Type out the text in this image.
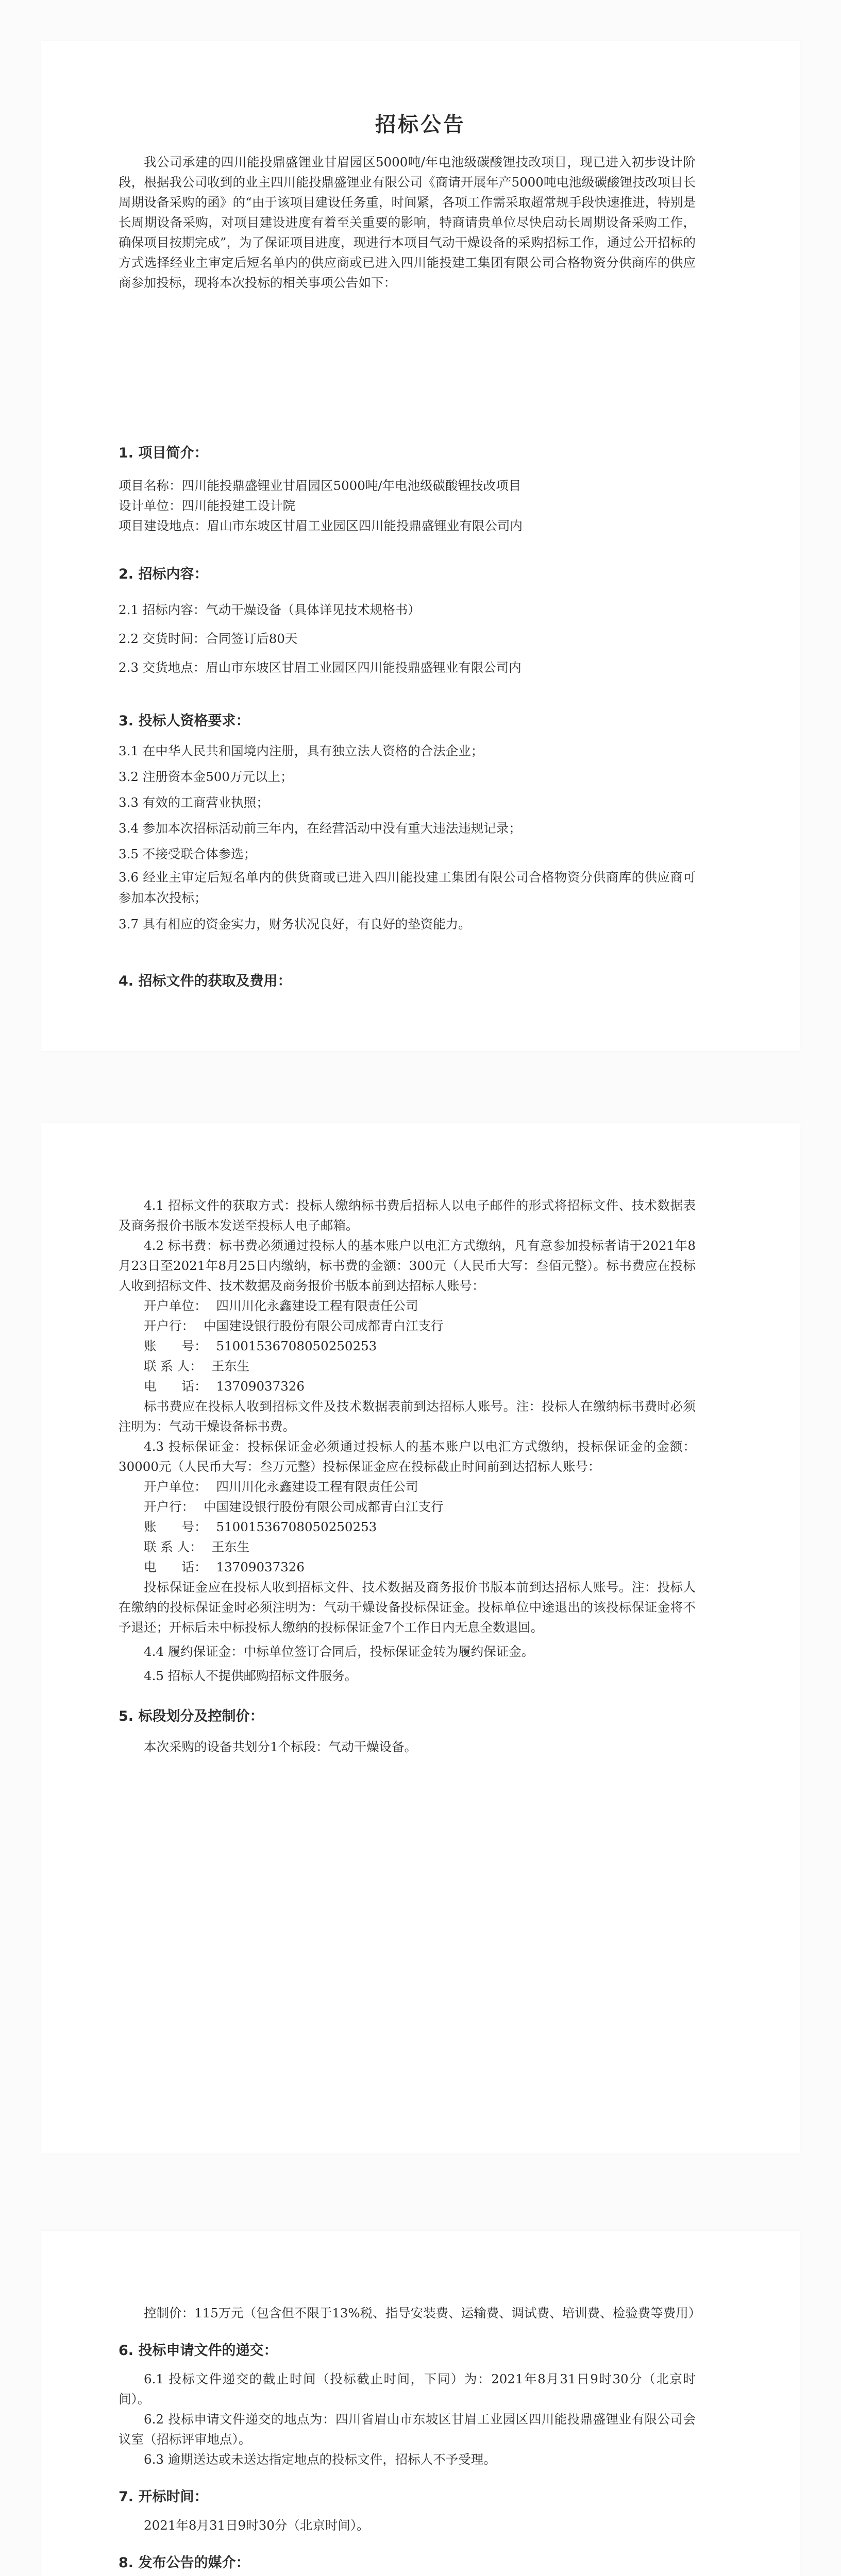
招标公告

我公司承建的四川能投鼎盛锂业甘眉园区5000吨/年电池级碳酸锂技改项目，现已进入初步设计阶段，根据我公司收到的业主四川能投鼎盛锂业有限公司《商请开展年产5000吨电池级碳酸锂技改项目长周期设备采购的函》的“由于该项目建设任务重，时间紧，各项工作需采取超常规手段快速推进，特别是长周期设备采购，对项目建设进度有着至关重要的影响，特商请贵单位尽快启动长周期设备采购工作，确保项目按期完成”，为了保证项目进度，现进行本项目气动干燥设备的采购招标工作，通过公开招标的方式选择经业主审定后短名单内的供应商或已进入四川能投建工集团有限公司合格物资分供商库的供应商参加投标，现将本次投标的相关事项公告如下：

1. 项目简介：

项目名称：四川能投鼎盛锂业甘眉园区5000吨/年电池级碳酸锂技改项目

设计单位：四川能投建工设计院

项目建设地点：眉山市东坡区甘眉工业园区四川能投鼎盛锂业有限公司内

2. 招标内容：

2.1 招标内容：气动干燥设备（具体详见技术规格书）

2.2 交货时间：合同签订后80天

2.3 交货地点：眉山市东坡区甘眉工业园区四川能投鼎盛锂业有限公司内

3. 投标人资格要求：

3.1 在中华人民共和国境内注册，具有独立法人资格的合法企业；

3.2 注册资本金500万元以上；

3.3 有效的工商营业执照；

3.4 参加本次招标活动前三年内，在经营活动中没有重大违法违规记录；

3.5 不接受联合体参选；

3.6 经业主审定后短名单内的供货商或已进入四川能投建工集团有限公司合格物资分供商库的供应商可参加本次投标；

3.7 具有相应的资金实力，财务状况良好，有良好的垫资能力。

4. 招标文件的获取及费用：

4.1 招标文件的获取方式：投标人缴纳标书费后招标人以电子邮件的形式将招标文件、技术数据表及商务报价书版本发送至投标人电子邮箱。

4.2 标书费：标书费必须通过投标人的基本账户以电汇方式缴纳，凡有意参加投标者请于2021年8月23日至2021年8月25日内缴纳，标书费的金额：300元（人民币大写：叁佰元整）。标书费应在投标人收到招标文件、技术数据及商务报价书版本前到达招标人账号：

开户单位： 四川川化永鑫建设工程有限责任公司

开户行： 中国建设银行股份有限公司成都青白江支行

账　　号： 51001536708050250253

联 系 人： 王东生

电　　话： 13709037326

标书费应在投标人收到招标文件及技术数据表前到达招标人账号。注：投标人在缴纳标书费时必须注明为：气动干燥设备标书费。

4.3 投标保证金：投标保证金必须通过投标人的基本账户以电汇方式缴纳，投标保证金的金额：30000元（人民币大写：叁万元整）投标保证金应在投标截止时间前到达招标人账号：

开户单位： 四川川化永鑫建设工程有限责任公司

开户行： 中国建设银行股份有限公司成都青白江支行

账　　号： 51001536708050250253

联 系 人： 王东生

电　　话： 13709037326

投标保证金应在投标人收到招标文件、技术数据及商务报价书版本前到达招标人账号。注：投标人在缴纳的投标保证金时必须注明为：气动干燥设备投标保证金。投标单位中途退出的该投标保证金将不予退还；开标后未中标投标人缴纳的投标保证金7个工作日内无息全数退回。

4.4 履约保证金：中标单位签订合同后，投标保证金转为履约保证金。

4.5 招标人不提供邮购招标文件服务。

5. 标段划分及控制价：

本次采购的设备共划分1个标段：气动干燥设备。

控制价：115万元（包含但不限于13%税、指导安装费、运输费、调试费、培训费、检验费等费用）

6. 投标申请文件的递交：

6.1 投标文件递交的截止时间（投标截止时间，下同）为：2021年8月31日9时30分（北京时间）。

6.2 投标申请文件递交的地点为：四川省眉山市东坡区甘眉工业园区四川能投鼎盛锂业有限公司会议室（招标评审地点）。

6.3 逾期送达或未送达指定地点的投标文件，招标人不予受理。

7. 开标时间：

2021年8月31日9时30分（北京时间）。

8. 发布公告的媒介：
